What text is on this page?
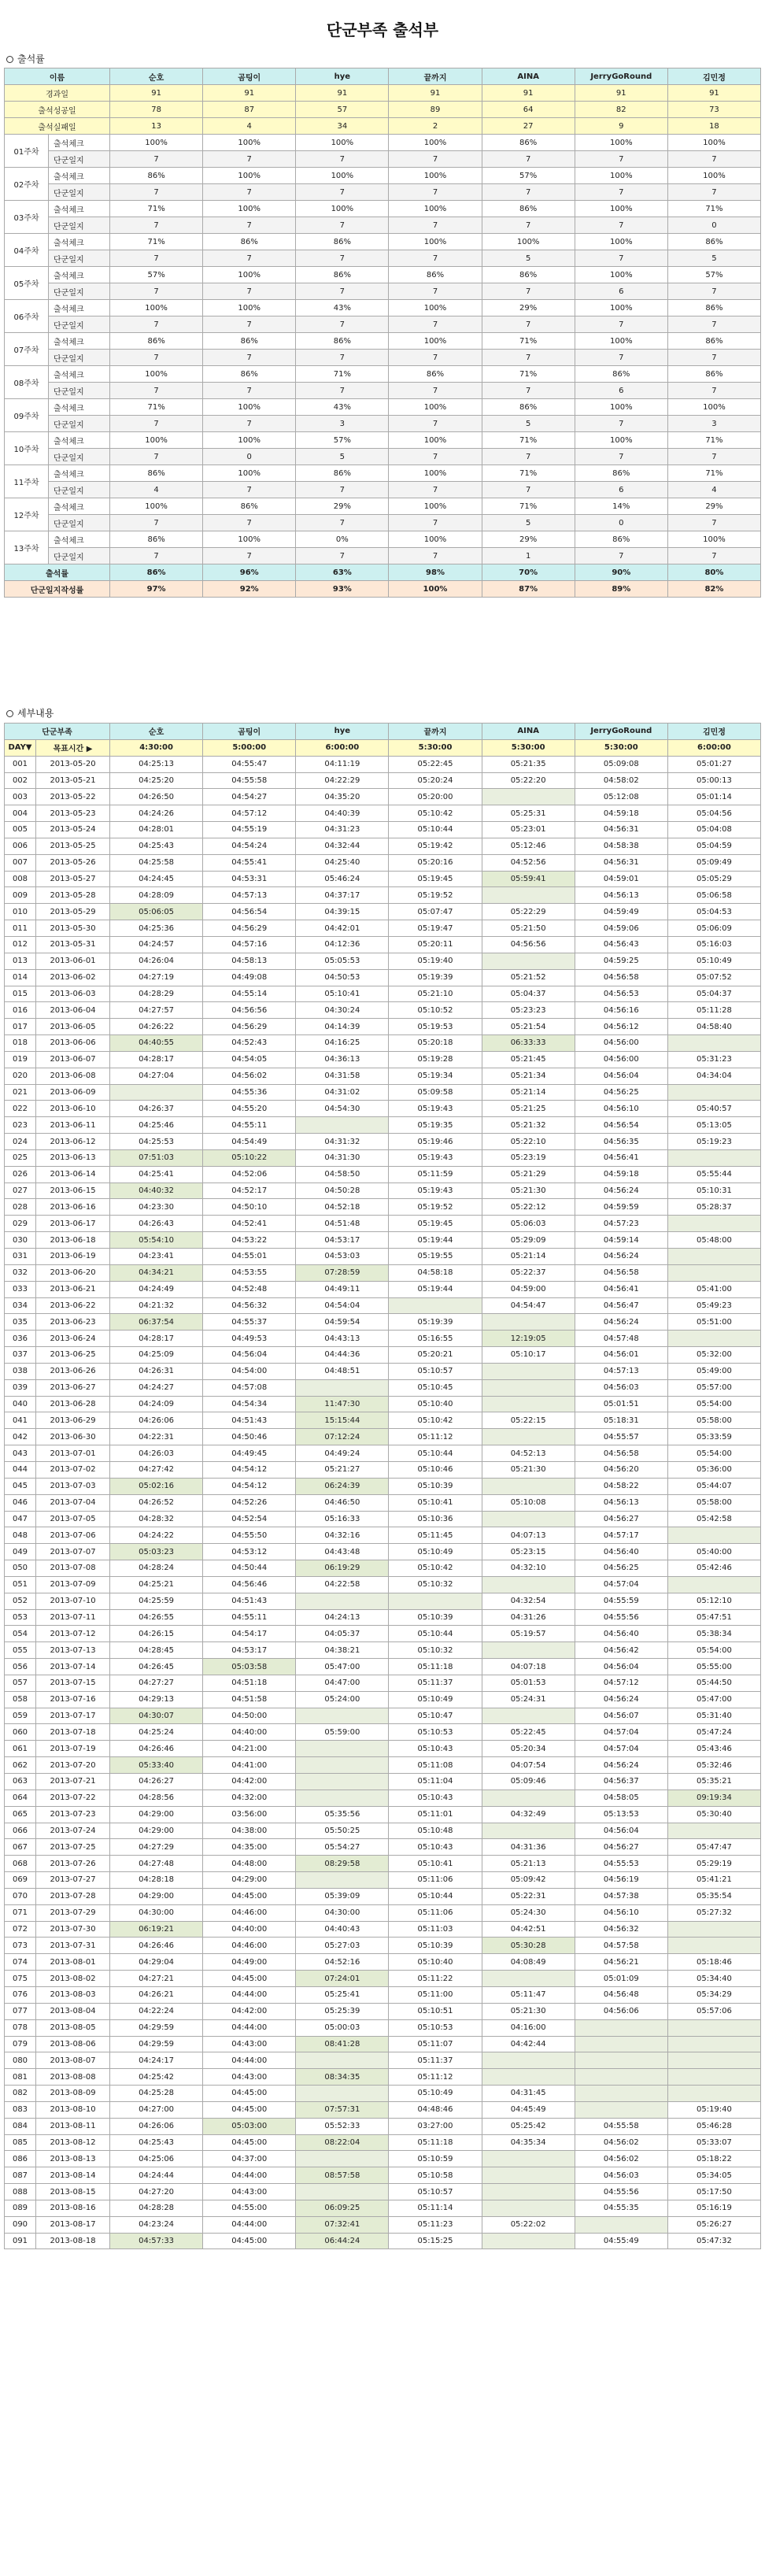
단군부족 출석부
출석률
이름		순호	곰팅이	hye	끝까지	AINA	JerryGoRound	김민정
경과일		91	91	91	91	91	91	91
출석성공일		78	87	57	89	64	82	73
출석실패일		13	4	34	2	27	9	18
01주차	출석체크	100%	100%	100%	100%	86%	100%	100%
	단군일지	7	7	7	7	7	7	7
02주차	출석체크	86%	100%	100%	100%	57%	100%	100%
	단군일지	7	7	7	7	7	7	7
03주차	출석체크	71%	100%	100%	100%	86%	100%	71%
	단군일지	7	7	7	7	7	7	0
04주차	출석체크	71%	86%	86%	100%	100%	100%	86%
	단군일지	7	7	7	7	5	7	5
05주차	출석체크	57%	100%	86%	86%	86%	100%	57%
	단군일지	7	7	7	7	7	6	7
06주차	출석체크	100%	100%	43%	100%	29%	100%	86%
	단군일지	7	7	7	7	7	7	7
07주차	출석체크	86%	86%	86%	100%	71%	100%	86%
	단군일지	7	7	7	7	7	7	7
08주차	출석체크	100%	86%	71%	86%	71%	86%	86%
	단군일지	7	7	7	7	7	6	7
09주차	출석체크	71%	100%	43%	100%	86%	100%	100%
	단군일지	7	7	3	7	5	7	3
10주차	출석체크	100%	100%	57%	100%	71%	100%	71%
	단군일지	7	0	5	7	7	7	7
11주차	출석체크	86%	100%	86%	100%	71%	86%	71%
	단군일지	4	7	7	7	7	6	4
12주차	출석체크	100%	86%	29%	100%	71%	14%	29%
	단군일지	7	7	7	7	5	0	7
13주차	출석체크	86%	100%	0%	100%	29%	86%	100%
	단군일지	7	7	7	7	1	7	7
출석률		86%	96%	63%	98%	70%	90%	80%
단군일지작성률		97%	92%	93%	100%	87%	89%	82%
세부내용
단군부족		순호	곰팅이	hye	끝까지	AINA	JerryGoRound	김민정
DAY▼	목표시간 ▶	4:30:00	5:00:00	6:00:00	5:30:00	5:30:00	5:30:00	6:00:00
001	2013-05-20	04:25:13	04:55:47	04:11:19	05:22:45	05:21:35	05:09:08	05:01:27
002	2013-05-21	04:25:20	04:55:58	04:22:29	05:20:24	05:22:20	04:58:02	05:00:13
003	2013-05-22	04:26:50	04:54:27	04:35:20	05:20:00		05:12:08	05:01:14
004	2013-05-23	04:24:26	04:57:12	04:40:39	05:10:42	05:25:31	04:59:18	05:04:56
005	2013-05-24	04:28:01	04:55:19	04:31:23	05:10:44	05:23:01	04:56:31	05:04:08
006	2013-05-25	04:25:43	04:54:24	04:32:44	05:19:42	05:12:46	04:58:38	05:04:59
007	2013-05-26	04:25:58	04:55:41	04:25:40	05:20:16	04:52:56	04:56:31	05:09:49
008	2013-05-27	04:24:45	04:53:31	05:46:24	05:19:45	05:59:41	04:59:01	05:05:29
009	2013-05-28	04:28:09	04:57:13	04:37:17	05:19:52		04:56:13	05:06:58
010	2013-05-29	05:06:05	04:56:54	04:39:15	05:07:47	05:22:29	04:59:49	05:04:53
011	2013-05-30	04:25:36	04:56:29	04:42:01	05:19:47	05:21:50	04:59:06	05:06:09
012	2013-05-31	04:24:57	04:57:16	04:12:36	05:20:11	04:56:56	04:56:43	05:16:03
013	2013-06-01	04:26:04	04:58:13	05:05:53	05:19:40		04:59:25	05:10:49
014	2013-06-02	04:27:19	04:49:08	04:50:53	05:19:39	05:21:52	04:56:58	05:07:52
015	2013-06-03	04:28:29	04:55:14	05:10:41	05:21:10	05:04:37	04:56:53	05:04:37
016	2013-06-04	04:27:57	04:56:56	04:30:24	05:10:52	05:23:23	04:56:16	05:11:28
017	2013-06-05	04:26:22	04:56:29	04:14:39	05:19:53	05:21:54	04:56:12	04:58:40
018	2013-06-06	04:40:55	04:52:43	04:16:25	05:20:18	06:33:33	04:56:00	
019	2013-06-07	04:28:17	04:54:05	04:36:13	05:19:28	05:21:45	04:56:00	05:31:23
020	2013-06-08	04:27:04	04:56:02	04:31:58	05:19:34	05:21:34	04:56:04	04:34:04
021	2013-06-09		04:55:36	04:31:02	05:09:58	05:21:14	04:56:25	
022	2013-06-10	04:26:37	04:55:20	04:54:30	05:19:43	05:21:25	04:56:10	05:40:57
023	2013-06-11	04:25:46	04:55:11		05:19:35	05:21:32	04:56:54	05:13:05
024	2013-06-12	04:25:53	04:54:49	04:31:32	05:19:46	05:22:10	04:56:35	05:19:23
025	2013-06-13	07:51:03	05:10:22	04:31:30	05:19:43	05:23:19	04:56:41	
026	2013-06-14	04:25:41	04:52:06	04:58:50	05:11:59	05:21:29	04:59:18	05:55:44
027	2013-06-15	04:40:32	04:52:17	04:50:28	05:19:43	05:21:30	04:56:24	05:10:31
028	2013-06-16	04:23:30	04:50:10	04:52:18	05:19:52	05:22:12	04:59:59	05:28:37
029	2013-06-17	04:26:43	04:52:41	04:51:48	05:19:45	05:06:03	04:57:23	
030	2013-06-18	05:54:10	04:53:22	04:53:17	05:19:44	05:29:09	04:59:14	05:48:00
031	2013-06-19	04:23:41	04:55:01	04:53:03	05:19:55	05:21:14	04:56:24	
032	2013-06-20	04:34:21	04:53:55	07:28:59	04:58:18	05:22:37	04:56:58	
033	2013-06-21	04:24:49	04:52:48	04:49:11	05:19:44	04:59:00	04:56:41	05:41:00
034	2013-06-22	04:21:32	04:56:32	04:54:04		04:54:47	04:56:47	05:49:23
035	2013-06-23	06:37:54	04:55:37	04:59:54	05:19:39		04:56:24	05:51:00
036	2013-06-24	04:28:17	04:49:53	04:43:13	05:16:55	12:19:05	04:57:48	
037	2013-06-25	04:25:09	04:56:04	04:44:36	05:20:21	05:10:17	04:56:01	05:32:00
038	2013-06-26	04:26:31	04:54:00	04:48:51	05:10:57		04:57:13	05:49:00
039	2013-06-27	04:24:27	04:57:08		05:10:45		04:56:03	05:57:00
040	2013-06-28	04:24:09	04:54:34	11:47:30	05:10:40		05:01:51	05:54:00
041	2013-06-29	04:26:06	04:51:43	15:15:44	05:10:42	05:22:15	05:18:31	05:58:00
042	2013-06-30	04:22:31	04:50:46	07:12:24	05:11:12		04:55:57	05:33:59
043	2013-07-01	04:26:03	04:49:45	04:49:24	05:10:44	04:52:13	04:56:58	05:54:00
044	2013-07-02	04:27:42	04:54:12	05:21:27	05:10:46	05:21:30	04:56:20	05:36:00
045	2013-07-03	05:02:16	04:54:12	06:24:39	05:10:39		04:58:22	05:44:07
046	2013-07-04	04:26:52	04:52:26	04:46:50	05:10:41	05:10:08	04:56:13	05:58:00
047	2013-07-05	04:28:32	04:52:54	05:16:33	05:10:36		04:56:27	05:42:58
048	2013-07-06	04:24:22	04:55:50	04:32:16	05:11:45	04:07:13	04:57:17	
049	2013-07-07	05:03:23	04:53:12	04:43:48	05:10:49	05:23:15	04:56:40	05:40:00
050	2013-07-08	04:28:24	04:50:44	06:19:29	05:10:42	04:32:10	04:56:25	05:42:46
051	2013-07-09	04:25:21	04:56:46	04:22:58	05:10:32		04:57:04	
052	2013-07-10	04:25:59	04:51:43			04:32:54	04:55:59	05:12:10
053	2013-07-11	04:26:55	04:55:11	04:24:13	05:10:39	04:31:26	04:55:56	05:47:51
054	2013-07-12	04:26:15	04:54:17	04:05:37	05:10:44	05:19:57	04:56:40	05:38:34
055	2013-07-13	04:28:45	04:53:17	04:38:21	05:10:32		04:56:42	05:54:00
056	2013-07-14	04:26:45	05:03:58	05:47:00	05:11:18	04:07:18	04:56:04	05:55:00
057	2013-07-15	04:27:27	04:51:18	04:47:00	05:11:37	05:01:53	04:57:12	05:44:50
058	2013-07-16	04:29:13	04:51:58	05:24:00	05:10:49	05:24:31	04:56:24	05:47:00
059	2013-07-17	04:30:07	04:50:00		05:10:47		04:56:07	05:31:40
060	2013-07-18	04:25:24	04:40:00	05:59:00	05:10:53	05:22:45	04:57:04	05:47:24
061	2013-07-19	04:26:46	04:21:00		05:10:43	05:20:34	04:57:04	05:43:46
062	2013-07-20	05:33:40	04:41:00		05:11:08	04:07:54	04:56:24	05:32:46
063	2013-07-21	04:26:27	04:42:00		05:11:04	05:09:46	04:56:37	05:35:21
064	2013-07-22	04:28:56	04:32:00		05:10:43		04:58:05	09:19:34
065	2013-07-23	04:29:00	03:56:00	05:35:56	05:11:01	04:32:49	05:13:53	05:30:40
066	2013-07-24	04:29:00	04:38:00	05:50:25	05:10:48		04:56:04	
067	2013-07-25	04:27:29	04:35:00	05:54:27	05:10:43	04:31:36	04:56:27	05:47:47
068	2013-07-26	04:27:48	04:48:00	08:29:58	05:10:41	05:21:13	04:55:53	05:29:19
069	2013-07-27	04:28:18	04:29:00		05:11:06	05:09:42	04:56:19	05:41:21
070	2013-07-28	04:29:00	04:45:00	05:39:09	05:10:44	05:22:31	04:57:38	05:35:54
071	2013-07-29	04:30:00	04:46:00	04:30:00	05:11:06	05:24:30	04:56:10	05:27:32
072	2013-07-30	06:19:21	04:40:00	04:40:43	05:11:03	04:42:51	04:56:32	
073	2013-07-31	04:26:46	04:46:00	05:27:03	05:10:39	05:30:28	04:57:58	
074	2013-08-01	04:29:04	04:49:00	04:52:16	05:10:40	04:08:49	04:56:21	05:18:46
075	2013-08-02	04:27:21	04:45:00	07:24:01	05:11:22		05:01:09	05:34:40
076	2013-08-03	04:26:21	04:44:00	05:25:41	05:11:00	05:11:47	04:56:48	05:34:29
077	2013-08-04	04:22:24	04:42:00	05:25:39	05:10:51	05:21:30	04:56:06	05:57:06
078	2013-08-05	04:29:59	04:44:00	05:00:03	05:10:53	04:16:00		
079	2013-08-06	04:29:59	04:43:00	08:41:28	05:11:07	04:42:44		
080	2013-08-07	04:24:17	04:44:00		05:11:37			
081	2013-08-08	04:25:42	04:43:00	08:34:35	05:11:12			
082	2013-08-09	04:25:28	04:45:00		05:10:49	04:31:45		
083	2013-08-10	04:27:00	04:45:00	07:57:31	04:48:46	04:45:49		05:19:40
084	2013-08-11	04:26:06	05:03:00	05:52:33	03:27:00	05:25:42	04:55:58	05:46:28
085	2013-08-12	04:25:43	04:45:00	08:22:04	05:11:18	04:35:34	04:56:02	05:33:07
086	2013-08-13	04:25:06	04:37:00		05:10:59		04:56:02	05:18:22
087	2013-08-14	04:24:44	04:44:00	08:57:58	05:10:58		04:56:03	05:34:05
088	2013-08-15	04:27:20	04:43:00		05:10:57		04:55:56	05:17:50
089	2013-08-16	04:28:28	04:55:00	06:09:25	05:11:14		04:55:35	05:16:19
090	2013-08-17	04:23:24	04:44:00	07:32:41	05:11:23	05:22:02		05:26:27
091	2013-08-18	04:57:33	04:45:00	06:44:24	05:15:25		04:55:49	05:47:32
